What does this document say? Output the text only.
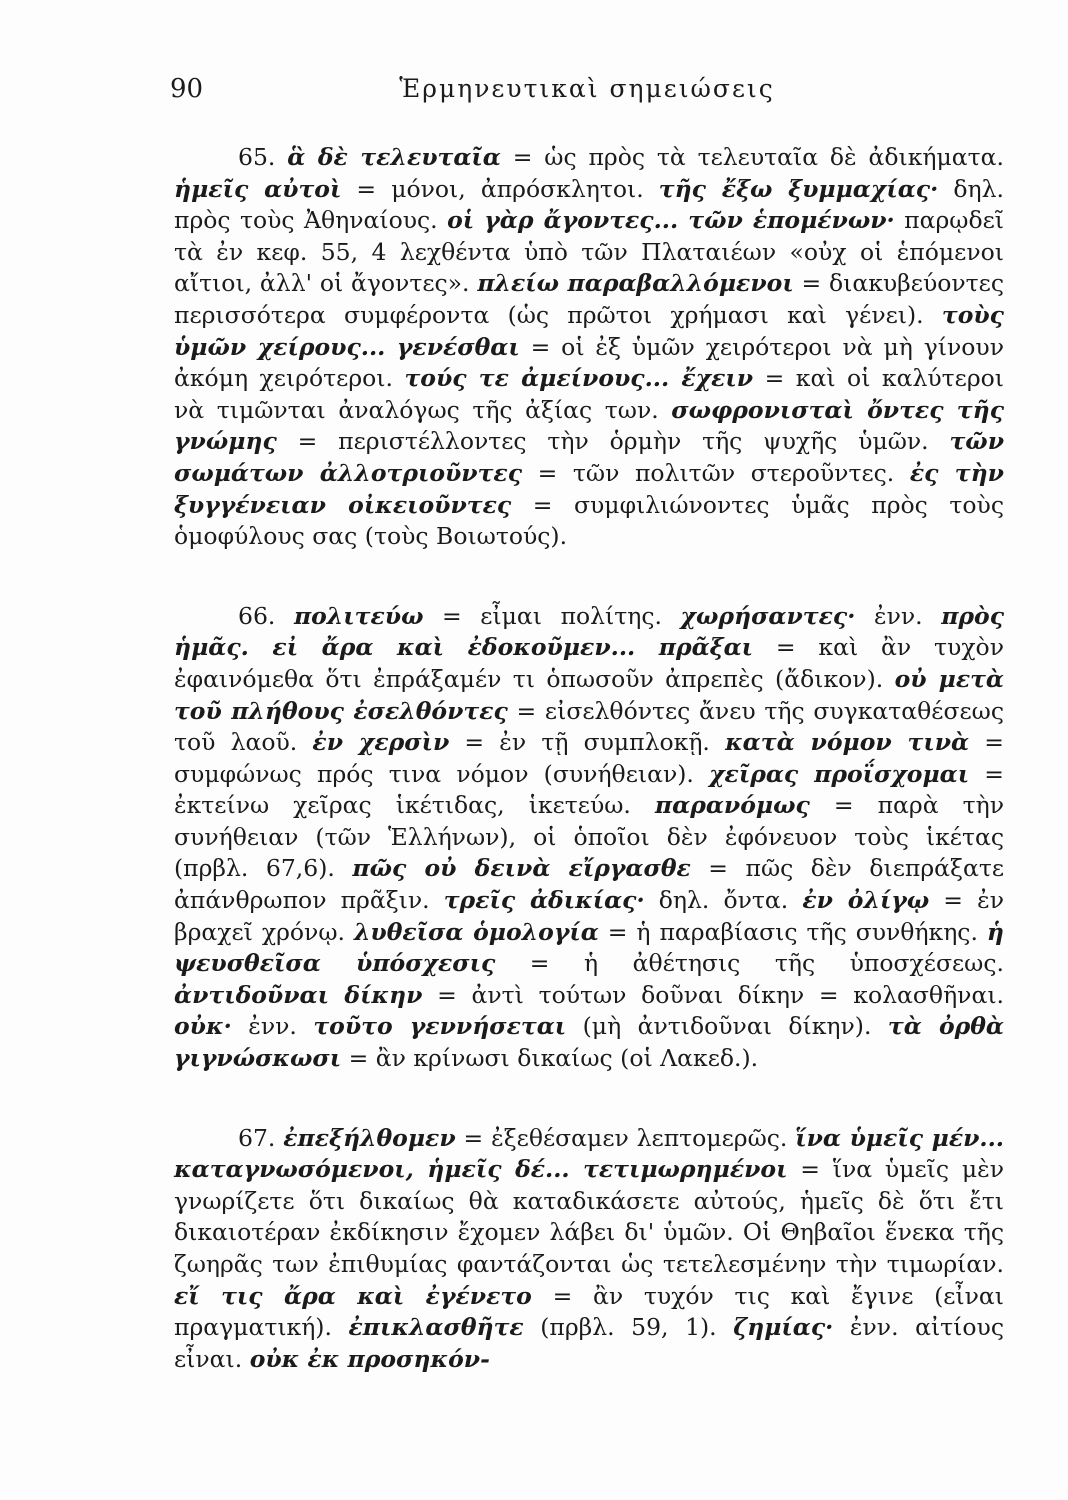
90	Ἑρμηνευτικαὶ σημειώσεις

65. ἃ δὲ τελευταῖα = ὡς πρὸς τὰ τελευταῖα δὲ ἀδικήματα. ἡμεῖς αὐτοὶ = μόνοι, ἀπρόσκλητοι. τῆς ἔξω ξυμμαχίας· δηλ. πρὸς τοὺς Ἀθηναίους. οἱ γὰρ ἄγοντες... τῶν ἑπομένων· παρῳδεῖ τὰ ἐν κεφ. 55, 4 λεχθέντα ὑπὸ τῶν Πλαταιέων «οὐχ οἱ ἑπόμενοι αἴτιοι, ἀλλ' οἱ ἄγοντες». πλείω παραβαλλόμενοι = διακυβεύοντες περισσότερα συμφέροντα (ὡς πρῶτοι χρήμασι καὶ γένει). τοὺς ὑμῶν χείρους... γενέσθαι = οἱ ἐξ ὑμῶν χειρότεροι νὰ μὴ γίνουν ἀκόμη χειρότεροι. τούς τε ἀμείνους... ἔχειν = καὶ οἱ καλύτεροι νὰ τιμῶνται ἀναλόγως τῆς ἀξίας των. σωφρονισταὶ ὄντες τῆς γνώμης = περιστέλλοντες τὴν ὁρμὴν τῆς ψυχῆς ὑμῶν. τῶν σωμάτων ἀλλοτριοῦντες = τῶν πολιτῶν στεροῦντες. ἐς τὴν ξυγγένειαν οἰκειοῦντες = συμφιλιώνοντες ὑμᾶς πρὸς τοὺς ὁμοφύλους σας (τοὺς Βοιωτούς).

66. πολιτεύω = εἶμαι πολίτης. χωρήσαντες· ἐνν. πρὸς ἡμᾶς. εἰ ἄρα καὶ ἐδοκοῦμεν... πρᾶξαι = καὶ ἂν τυχὸν ἐφαινόμεθα ὅτι ἐπράξαμέν τι ὁπωσοῦν ἀπρεπὲς (ἄδικον). οὐ μετὰ τοῦ πλήθους ἐσελθόντες = εἰσελθόντες ἄνευ τῆς συγκαταθέσεως τοῦ λαοῦ. ἐν χερσὶν = ἐν τῇ συμπλοκῇ. κατὰ νόμον τινὰ = συμφώνως πρός τινα νόμον (συνήθειαν). χεῖρας προΐσχομαι = ἐκτείνω χεῖρας ἱκέτιδας, ἱκετεύω. παρανόμως = παρὰ τὴν συνήθειαν (τῶν Ἑλλήνων), οἱ ὁποῖοι δὲν ἐφόνευον τοὺς ἱκέτας (πρβλ. 67,6). πῶς οὐ δεινὰ εἴργασθε = πῶς δὲν διεπράξατε ἀπάνθρωπον πρᾶξιν. τρεῖς ἀδικίας· δηλ. ὄντα. ἐν ὀλίγῳ = ἐν βραχεῖ χρόνῳ. λυθεῖσα ὁμολογία = ἡ παραβίασις τῆς συνθήκης. ἡ ψευσθεῖσα ὑπόσχεσις = ἡ ἀθέτησις τῆς ὑποσχέσεως. ἀντιδοῦναι δίκην = ἀντὶ τούτων δοῦναι δίκην = κολασθῆναι. οὐκ· ἐνν. τοῦτο γεννήσεται (μὴ ἀντιδοῦναι δίκην). τὰ ὀρθὰ γιγνώσκωσι = ἂν κρίνωσι δικαίως (οἱ Λακεδ.).

67. ἐπεξήλθομεν = ἐξεθέσαμεν λεπτομερῶς. ἵνα ὑμεῖς μέν... καταγνωσόμενοι, ἡμεῖς δέ... τετιμωρημένοι = ἵνα ὑμεῖς μὲν γνωρίζετε ὅτι δικαίως θὰ καταδικάσετε αὐτούς, ἡμεῖς δὲ ὅτι ἔτι δικαιοτέραν ἐκδίκησιν ἔχομεν λάβει δι' ὑμῶν. Οἱ Θηβαῖοι ἕνεκα τῆς ζωηρᾶς των ἐπιθυμίας φαντάζονται ὡς τετελεσμένην τὴν τιμωρίαν. εἴ τις ἄρα καὶ ἐγένετο = ἂν τυχόν τις καὶ ἔγινε (εἶναι πραγματική). ἐπικλασθῆτε (πρβλ. 59, 1). ζημίας· ἐνν. αἰτίους εἶναι. οὐκ ἐκ προσηκόν-
